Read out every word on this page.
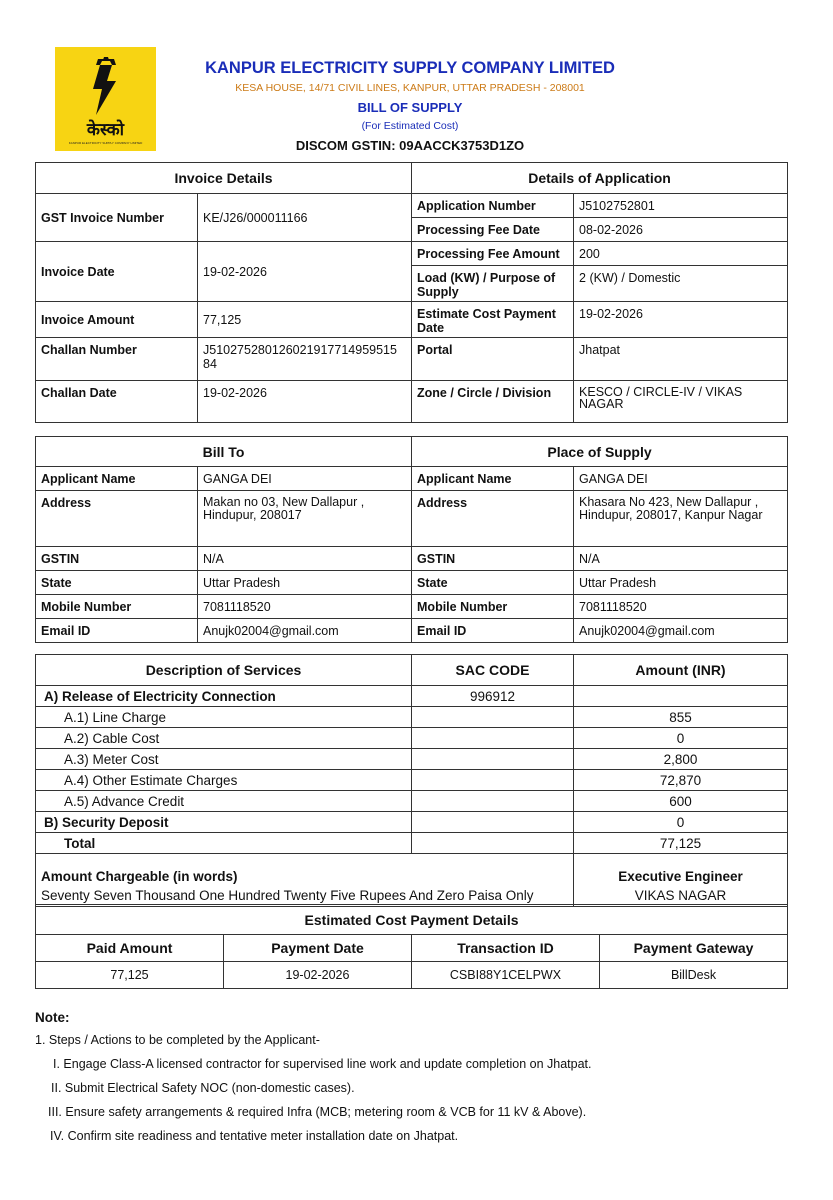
केस्को
KANPUR ELECTRICITY SUPPLY COMPANY LIMITED
KANPUR ELECTRICITY SUPPLY COMPANY LIMITED
KESA HOUSE, 14/71 CIVIL LINES, KANPUR, UTTAR PRADESH - 208001
BILL OF SUPPLY
(For Estimated Cost)
DISCOM GSTIN: 09AACCK3753D1ZO
Invoice Details		Details of Application	
GST Invoice Number	KE/J26/000011166	Application Number	J5102752801
		Processing Fee Date	08-02-2026
Invoice Date	19-02-2026	Processing Fee Amount	200
		Load (KW) / Purpose of Supply	2 (KW) / Domestic
Invoice Amount	77,125	Estimate Cost Payment Date	19-02-2026
Challan Number	J510275280126021917714959515 84	Portal	Jhatpat
Challan Date	19-02-2026	Zone / Circle / Division	KESCO / CIRCLE-IV / VIKAS NAGAR
Bill To		Place of Supply	
Applicant Name	GANGA DEI	Applicant Name	GANGA DEI
Address	Makan no 03, New Dallapur , Hindupur, 208017	Address	Khasara No 423, New Dallapur , Hindupur, 208017, Kanpur Nagar
GSTIN	N/A	GSTIN	N/A
State	Uttar Pradesh	State	Uttar Pradesh
Mobile Number	7081118520	Mobile Number	7081118520
Email ID	Anujk02004@gmail.com	Email ID	Anujk02004@gmail.com
Description of Services	SAC CODE	Amount (INR)
A) Release of Electricity Connection	996912	
A.1) Line Charge		855
A.2) Cable Cost		0
A.3) Meter Cost		2,800
A.4) Other Estimate Charges		72,870
A.5) Advance Credit		600
B) Security Deposit		0
Total		77,125
Amount Chargeable (in words)		Executive Engineer
Seventy Seven Thousand One Hundred Twenty Five Rupees And Zero Paisa Only		VIKAS NAGAR
Estimated Cost Payment Details			
Paid Amount	Payment Date	Transaction ID	Payment Gateway
77,125	19-02-2026	CSBI88Y1CELPWX	BillDesk
Note:
1. Steps / Actions to be completed by the Applicant-
I. Engage Class-A licensed contractor for supervised line work and update completion on Jhatpat.
II. Submit Electrical Safety NOC (non-domestic cases).
III. Ensure safety arrangements & required Infra (MCB; metering room & VCB for 11 kV & Above).
IV. Confirm site readiness and tentative meter installation date on Jhatpat.
